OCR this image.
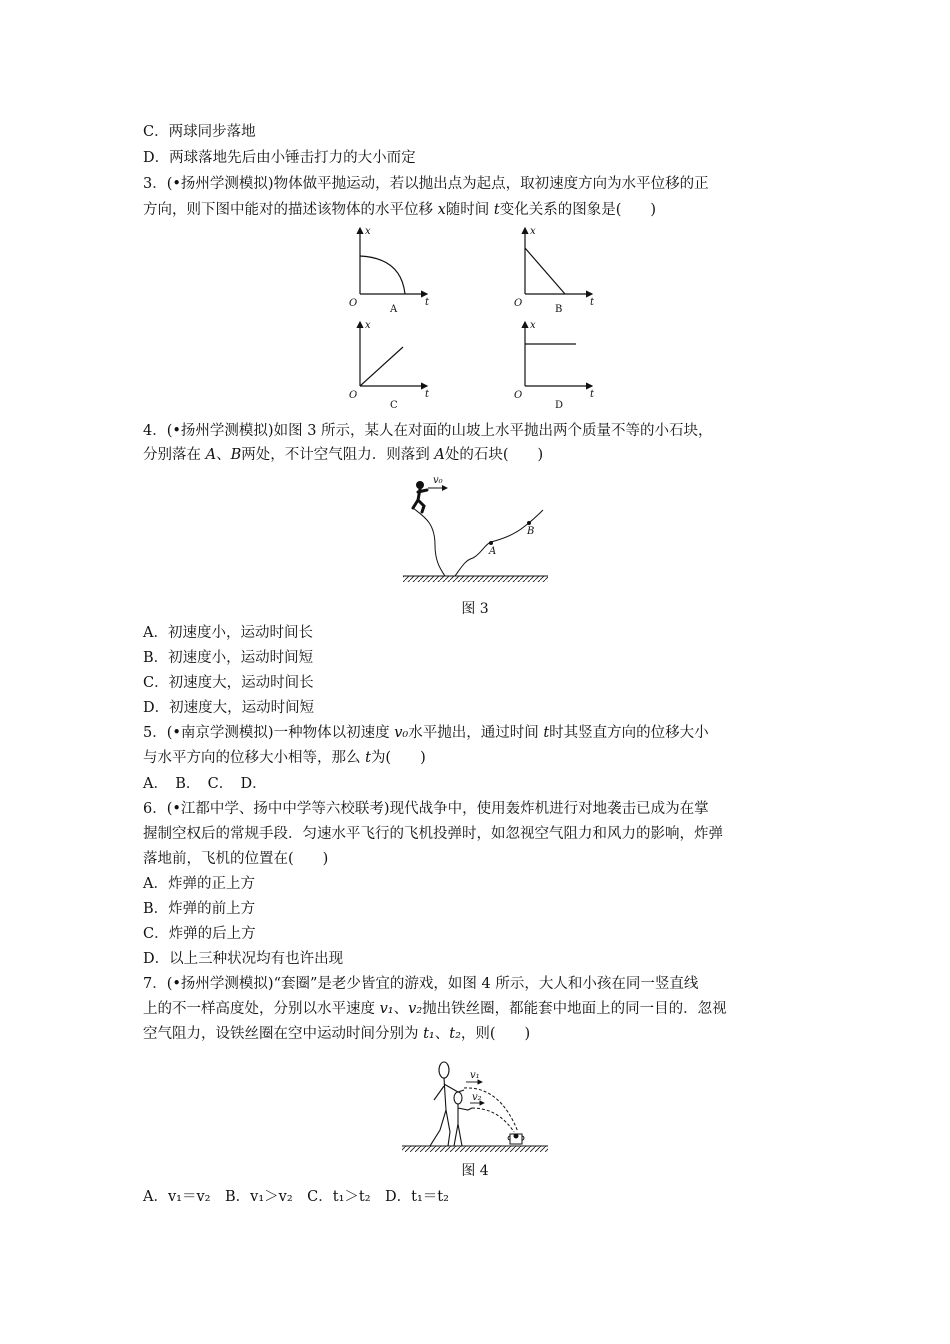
C．两球同步落地
D．两球落地先后由小锤击打力的大小而定
3．(•扬州学测模拟)物体做平抛运动，若以抛出点为起点，取初速度方向为水平位移的正
方向，则下图中能对的描述该物体的水平位移 x随时间 t变化关系的图象是(　　)
x
t
O
A
x
t
O
B
x
t
O
C
x
t
O
D
4．(•扬州学测模拟)如图 3 所示，某人在对面的山坡上水平抛出两个质量不等的小石块，
分别落在 A、B两处，不计空气阻力．则落到 A处的石块(　　)
v₀
A
B
图 3
A．初速度小，运动时间长
B．初速度小，运动时间短
C．初速度大，运动时间长
D．初速度大，运动时间短
5．(•南京学测模拟)一种物体以初速度 v₀水平抛出，通过时间 t时其竖直方向的位移大小
与水平方向的位移大小相等，那么 t为(　　)
A．　B．　C．　D．
6．(•江都中学、扬中中学等六校联考)现代战争中，使用轰炸机进行对地袭击已成为在掌
握制空权后的常规手段．匀速水平飞行的飞机投弹时，如忽视空气阻力和风力的影响，炸弹
落地前，飞机的位置在(　　)
A．炸弹的正上方
B．炸弹的前上方
C．炸弹的后上方
D．以上三种状况均有也许出现
7．(•扬州学测模拟)“套圈”是老少皆宜的游戏，如图 4 所示，大人和小孩在同一竖直线
上的不一样高度处，分别以水平速度 v₁、v₂抛出铁丝圈，都能套中地面上的同一目的．忽视
空气阻力，设铁丝圈在空中运动时间分别为 t₁、t₂，则(　　)
v₁
v₂
图 4
A．v₁＝v₂　B．v₁＞v₂　C．t₁＞t₂　D．t₁＝t₂
